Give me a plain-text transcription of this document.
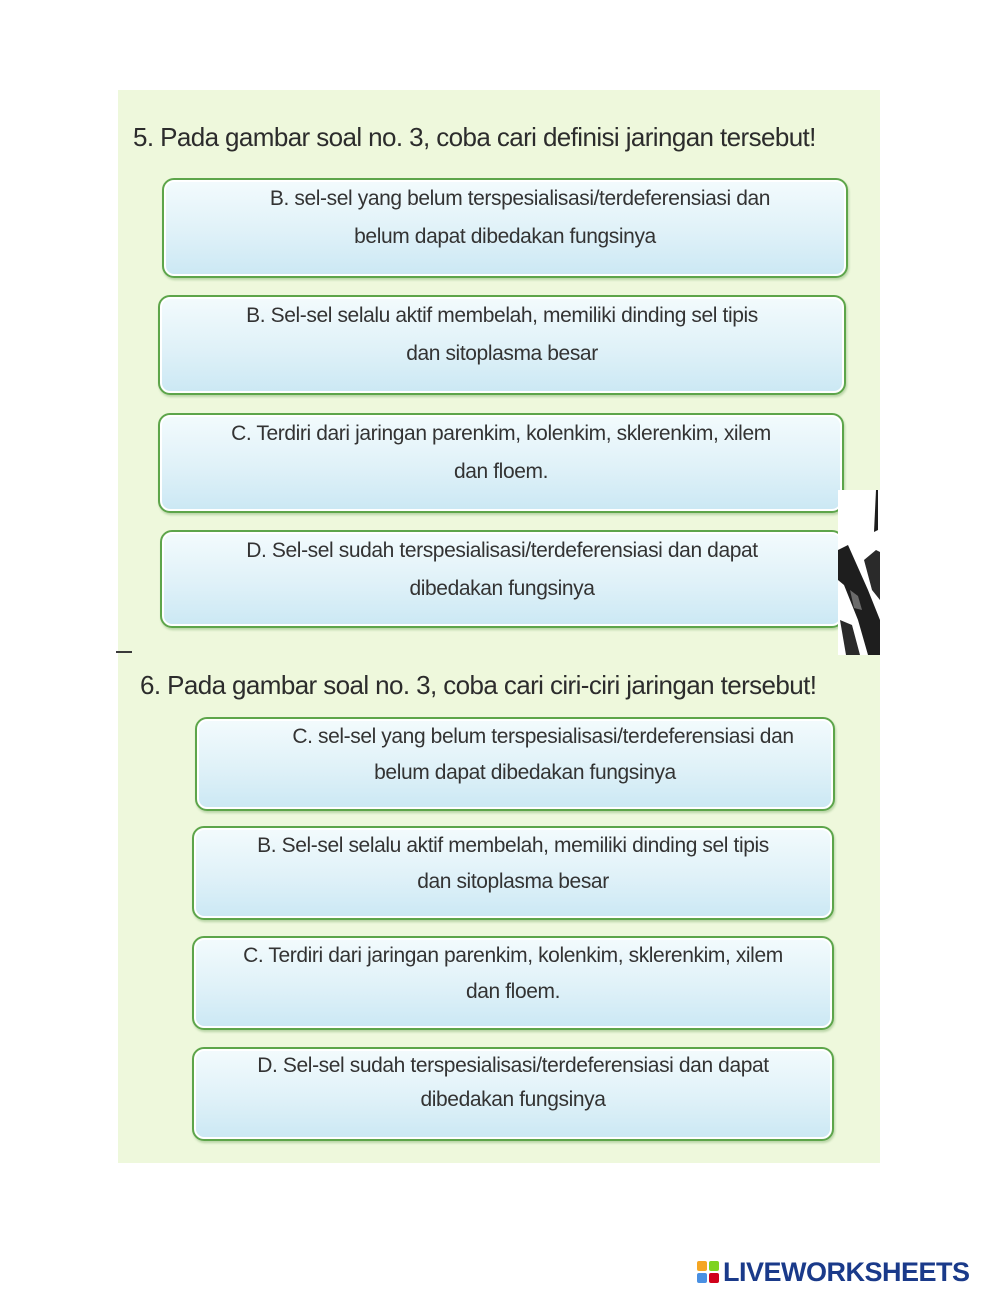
5. Pada gambar soal no. 3, coba cari definisi jaringan tersebut!
B. sel-sel yang belum terspesialisasi/terdeferensiasi dan
belum dapat dibedakan fungsinya
B. Sel-sel selalu aktif membelah, memiliki dinding sel tipis
dan sitoplasma besar
C. Terdiri dari jaringan parenkim, kolenkim, sklerenkim, xilem
dan floem.
D. Sel-sel sudah terspesialisasi/terdeferensiasi dan dapat
dibedakan fungsinya
6. Pada gambar soal no. 3, coba cari ciri-ciri jaringan tersebut!
C. sel-sel yang belum terspesialisasi/terdeferensiasi dan
belum dapat dibedakan fungsinya
B. Sel-sel selalu aktif membelah, memiliki dinding sel tipis
dan sitoplasma besar
C. Terdiri dari jaringan parenkim, kolenkim, sklerenkim, xilem
dan floem.
D. Sel-sel sudah terspesialisasi/terdeferensiasi dan dapat
dibedakan fungsinya
LIVEWORKSHEETS
